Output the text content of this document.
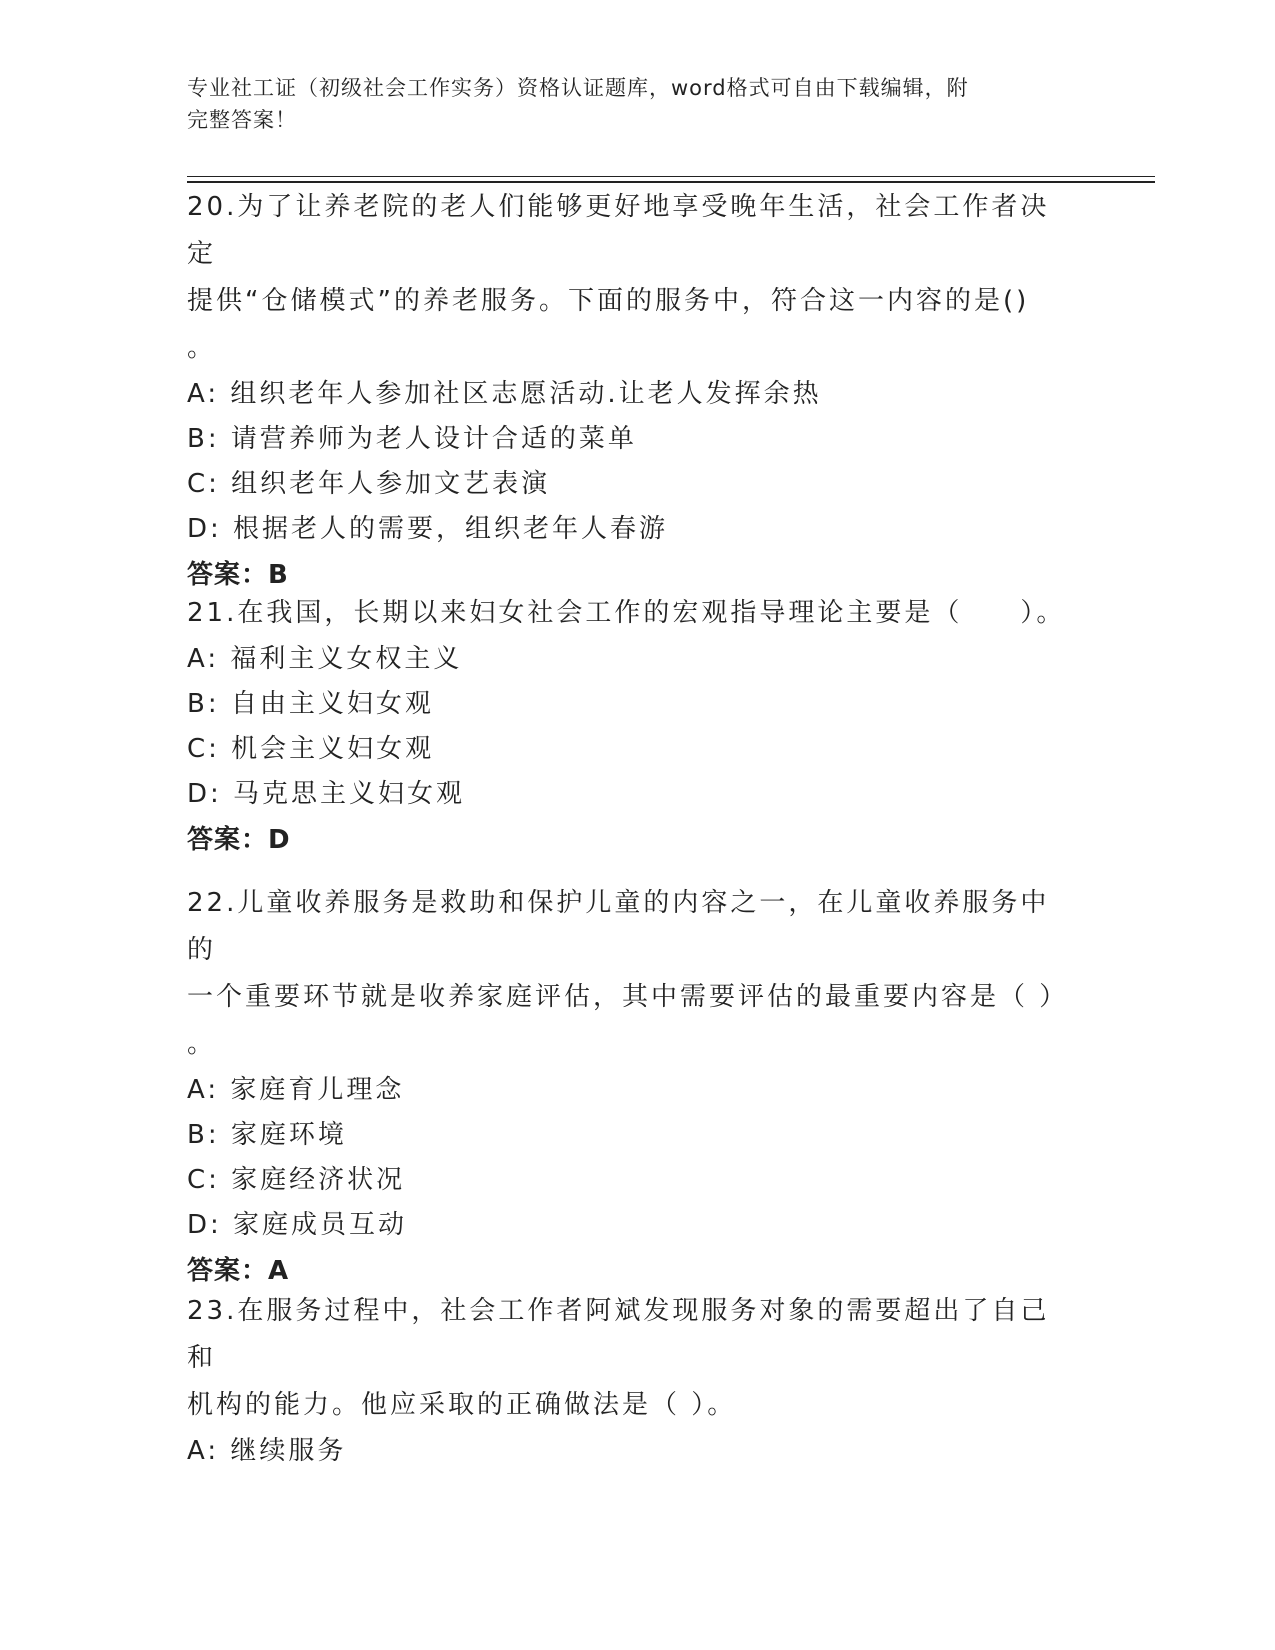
专业社工证（初级社会工作实务）资格认证题库，word格式可自由下载编辑，附
完整答案！
20.为了让养老院的老人们能够更好地享受晚年生活，社会工作者决定
提供“仓储模式”的养老服务。下面的服务中，符合这一内容的是()
。
A: 组织老年人参加社区志愿活动.让老人发挥余热
B: 请营养师为老人设计合适的菜单
C: 组织老年人参加文艺表演
D: 根据老人的需要，组织老年人春游
答案：B
21.在我国，长期以来妇女社会工作的宏观指导理论主要是（　　）。
A: 福利主义女权主义
B: 自由主义妇女观
C: 机会主义妇女观
D: 马克思主义妇女观
答案：D
22.儿童收养服务是救助和保护儿童的内容之一，在儿童收养服务中的
一个重要环节就是收养家庭评估，其中需要评估的最重要内容是（ ）
。
A: 家庭育儿理念
B: 家庭环境
C: 家庭经济状况
D: 家庭成员互动
答案：A
23.在服务过程中，社会工作者阿斌发现服务对象的需要超出了自己和
机构的能力。他应采取的正确做法是（ ）。
A: 继续服务
